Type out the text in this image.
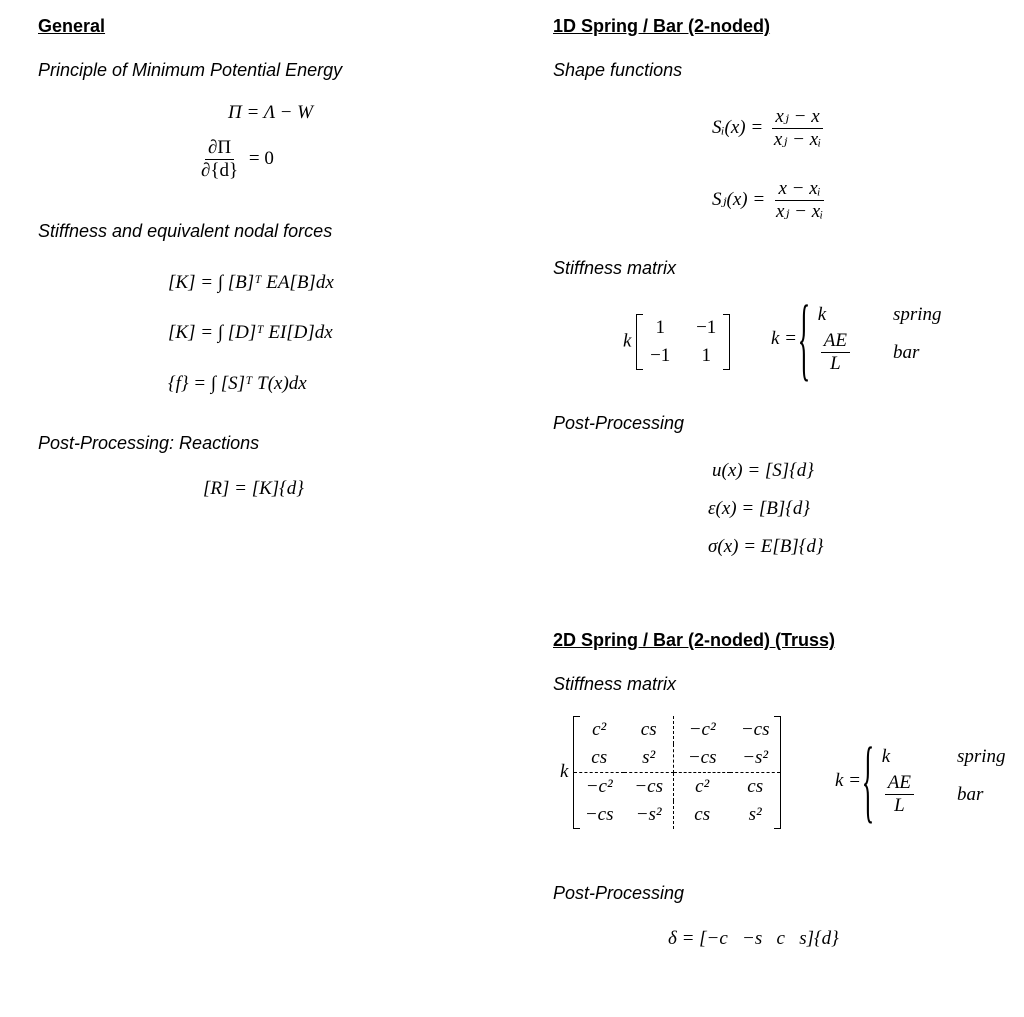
General
Principle of Minimum Potential Energy
Π = Λ − W
$\frac{\partial\Pi}{\partial\{d\}} = 0$
Stiffness and equivalent nodal forces
[K] = ∫ [B]ᵀ EA[B]dx
[K] = ∫ [D]ᵀ EI[D]dx
{f} = ∫ [S]ᵀ T(x)dx
Post-Processing: Reactions
[R] = [K]{d}
1D Spring / Bar (2-noded)
Shape functions
Sᵢ(x) = $\frac{\text{xⱼ − x}}{\text{xⱼ − xᵢ}}$
Sⱼ(x) = $\frac{\text{x − xᵢ}}{\text{xⱼ − xᵢ}}$
Stiffness matrix
k
1	−1
−1	1
k =
{ k	spring
$\frac{AE}{L}$ bar
Post-Processing
u(x) = [S]{d}
ε(x) = [B]{d}
σ(x) = E[B]{d}
2D Spring / Bar (2-noded) (Truss)
Stiffness matrix
k
c²	cs	−c²	−cs
cs	s²	−cs	−s²
−c²	−cs	c²	cs
−cs	−s²	cs	s²
k =
{ k	spring
$\frac{AE}{L}$ bar
Post-Processing
δ = [−c   −s   c   s]{d}
